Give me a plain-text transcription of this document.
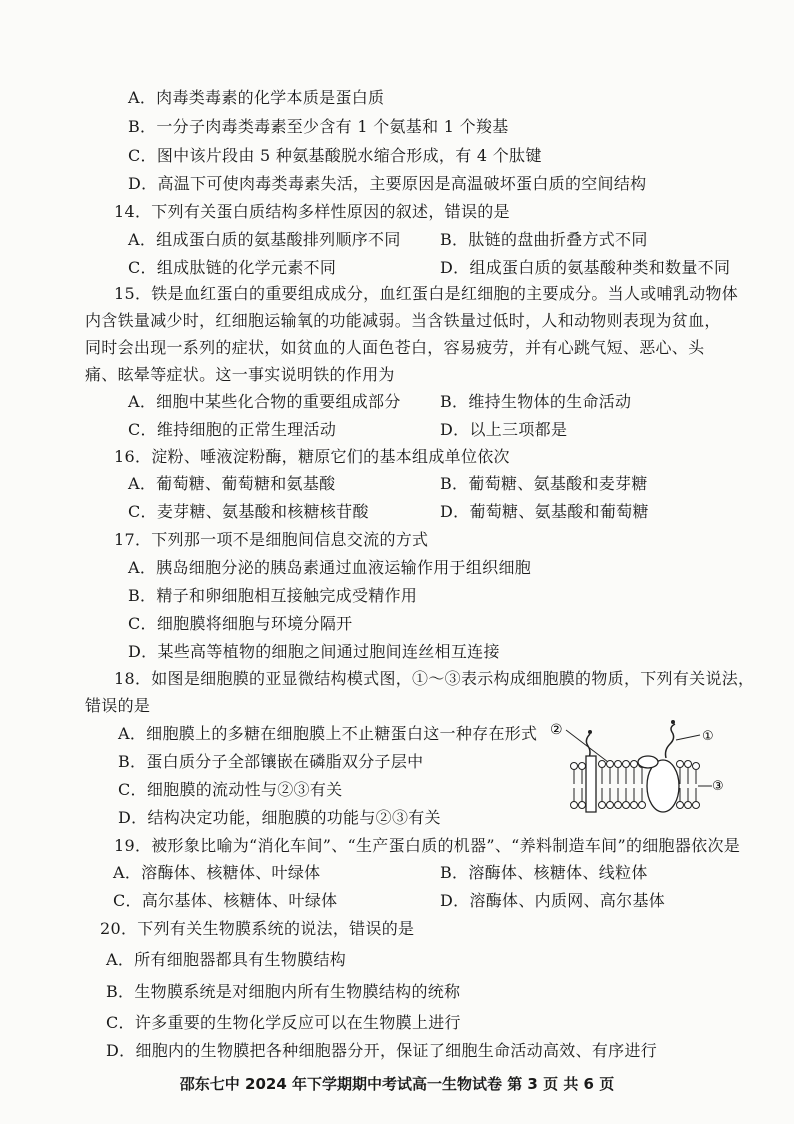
A．肉毒类毒素的化学本质是蛋白质
B．一分子肉毒类毒素至少含有 1 个氨基和 1 个羧基
C．图中该片段由 5 种氨基酸脱水缩合形成，有 4 个肽键
D．高温下可使肉毒类毒素失活，主要原因是高温破坏蛋白质的空间结构
14．下列有关蛋白质结构多样性原因的叙述，错误的是
A．组成蛋白质的氨基酸排列顺序不同 B．肽链的盘曲折叠方式不同
C．组成肽链的化学元素不同	D．组成蛋白质的氨基酸种类和数量不同
15．铁是血红蛋白的重要组成成分，血红蛋白是红细胞的主要成分。当人或哺乳动物体
内含铁量减少时，红细胞运输氧的功能减弱。当含铁量过低时，人和动物则表现为贫血，
同时会出现一系列的症状，如贫血的人面色苍白，容易疲劳，并有心跳气短、恶心、头
痛、眩晕等症状。这一事实说明铁的作用为
A．细胞中某些化合物的重要组成部分 B．维持生物体的生命活动
C．维持细胞的正常生理活动	D．以上三项都是
16．淀粉、唾液淀粉酶，糖原它们的基本组成单位依次
A．葡萄糖、葡萄糖和氨基酸	B．葡萄糖、氨基酸和麦芽糖
C．麦芽糖、氨基酸和核糖核苷酸	D．葡萄糖、氨基酸和葡萄糖
17．下列那一项不是细胞间信息交流的方式
A．胰岛细胞分泌的胰岛素通过血液运输作用于组织细胞
B．精子和卵细胞相互接触完成受精作用
C．细胞膜将细胞与环境分隔开
D．某些高等植物的细胞之间通过胞间连丝相互连接
18．如图是细胞膜的亚显微结构模式图，①～③表示构成细胞膜的物质，下列有关说法，
错误的是
A．细胞膜上的多糖在细胞膜上不止糖蛋白这一种存在形式
B．蛋白质分子全部镶嵌在磷脂双分子层中
C．细胞膜的流动性与②③有关
D．结构决定功能，细胞膜的功能与②③有关
②	①
③
19．被形象比喻为“消化车间”、“生产蛋白质的机器”、“养料制造车间”的细胞器依次是
A．溶酶体、核糖体、叶绿体	B．溶酶体、核糖体、线粒体
C．高尔基体、核糖体、叶绿体	D．溶酶体、内质网、高尔基体
20．下列有关生物膜系统的说法，错误的是
A．所有细胞器都具有生物膜结构
B．生物膜系统是对细胞内所有生物膜结构的统称
C．许多重要的生物化学反应可以在生物膜上进行
D．细胞内的生物膜把各种细胞器分开，保证了细胞生命活动高效、有序进行
邵东七中 2024 年下学期期中考试高一生物试卷 第 3 页 共 6 页
